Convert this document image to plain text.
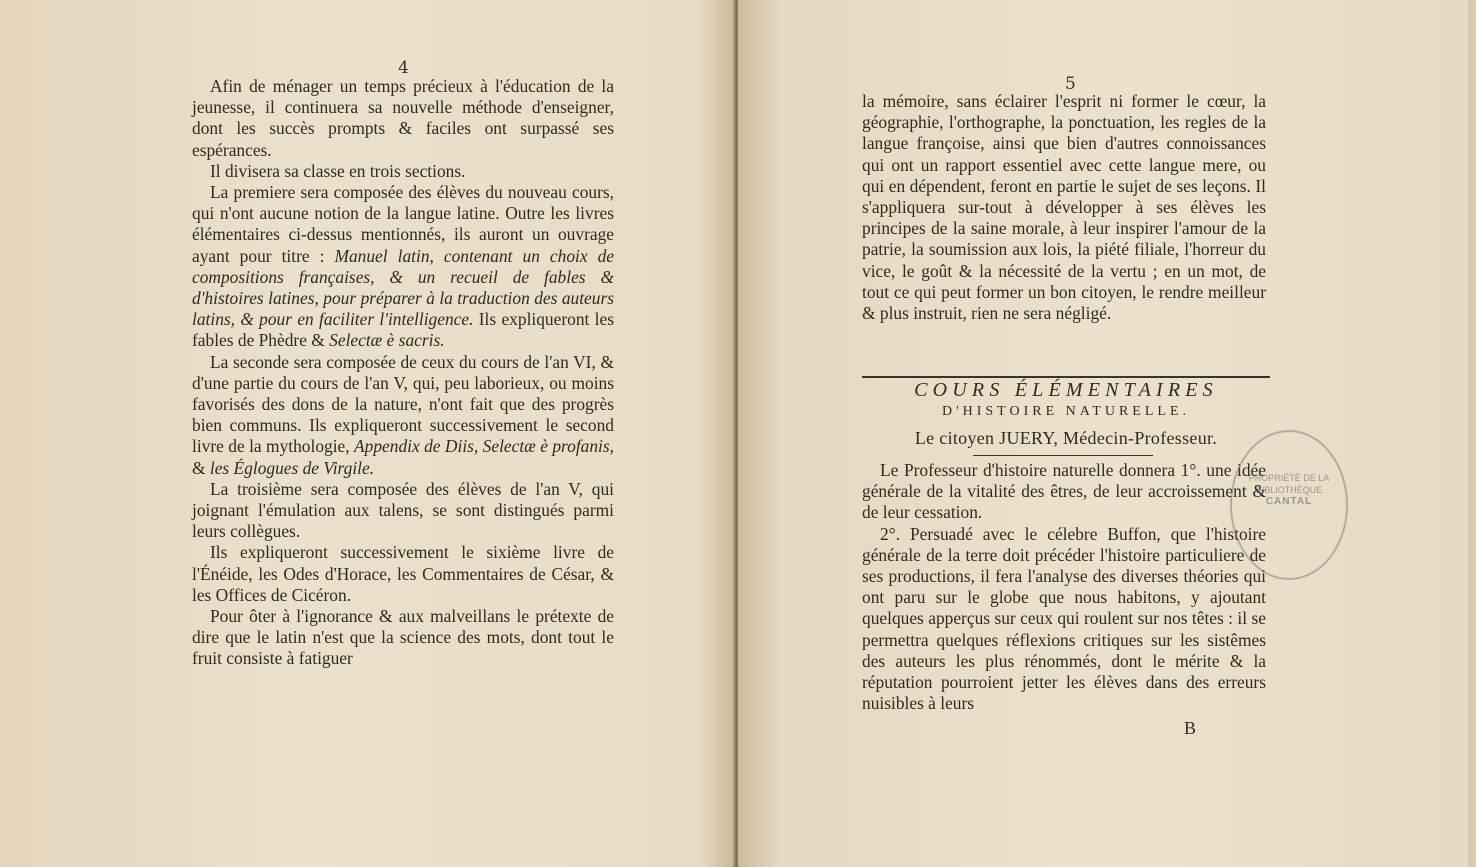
4

Afin de ménager un temps précieux à l'éducation de la jeunesse, il continuera sa nouvelle méthode d'enseigner, dont les succès prompts & faciles ont surpassé ses espérances.

Il divisera sa classe en trois sections.

La premiere sera composée des élèves du nouveau cours, qui n'ont aucune notion de la langue latine. Outre les livres élémentaires ci-dessus mentionnés, ils auront un ouvrage ayant pour titre : Manuel latin, contenant un choix de compositions françaises, & un recueil de fables & d'histoires latines, pour préparer à la traduction des auteurs latins, & pour en faciliter l'intelligence. Ils expliqueront les fables de Phèdre & Selectæ è sacris.

La seconde sera composée de ceux du cours de l'an VI, & d'une partie du cours de l'an V, qui, peu laborieux, ou moins favorisés des dons de la nature, n'ont fait que des progrès bien communs. Ils expliqueront successivement le second livre de la mythologie, Appendix de Diis, Selectæ è profanis, & les Églogues de Virgile.

La troisième sera composée des élèves de l'an V, qui joignant l'émulation aux talens, se sont distingués parmi leurs collègues.

Ils expliqueront successivement le sixième livre de l'Énéide, les Odes d'Horace, les Commentaires de César, & les Offices de Cicéron.

Pour ôter à l'ignorance & aux malveillans le prétexte de dire que le latin n'est que la science des mots, dont tout le fruit consiste à fatiguer

5

la mémoire, sans éclairer l'esprit ni former le cœur, la géographie, l'orthographe, la ponctuation, les regles de la langue françoise, ainsi que bien d'autres connoissances qui ont un rapport essentiel avec cette langue mere, ou qui en dépendent, feront en partie le sujet de ses leçons. Il s'appliquera sur-tout à développer à ses élèves les principes de la saine morale, à leur inspirer l'amour de la patrie, la soumission aux lois, la piété filiale, l'horreur du vice, le goût & la nécessité de la vertu ; en un mot, de tout ce qui peut former un bon citoyen, le rendre meilleur & plus instruit, rien ne sera négligé.

COURS ÉLÉMENTAIRES
D'HISTOIRE NATURELLE.
Le citoyen JUERY, Médecin-Professeur.

Le Professeur d'histoire naturelle donnera 1°. une idée générale de la vitalité des êtres, de leur accroissement & de leur cessation.

2°. Persuadé avec le célebre Buffon, que l'histoire générale de la terre doit précéder l'histoire particuliere de ses productions, il fera l'analyse des diverses théories qui ont paru sur le globe que nous habitons, y ajoutant quelques apperçus sur ceux qui roulent sur nos têtes : il se permettra quelques réflexions critiques sur les sistêmes des auteurs les plus rénommés, dont le mérite & la réputation pourroient jetter les élèves dans des erreurs nuisibles à leurs

B
PROPRIÉTÉ DE LA BIBLIOTHÈQUE
CANTAL
